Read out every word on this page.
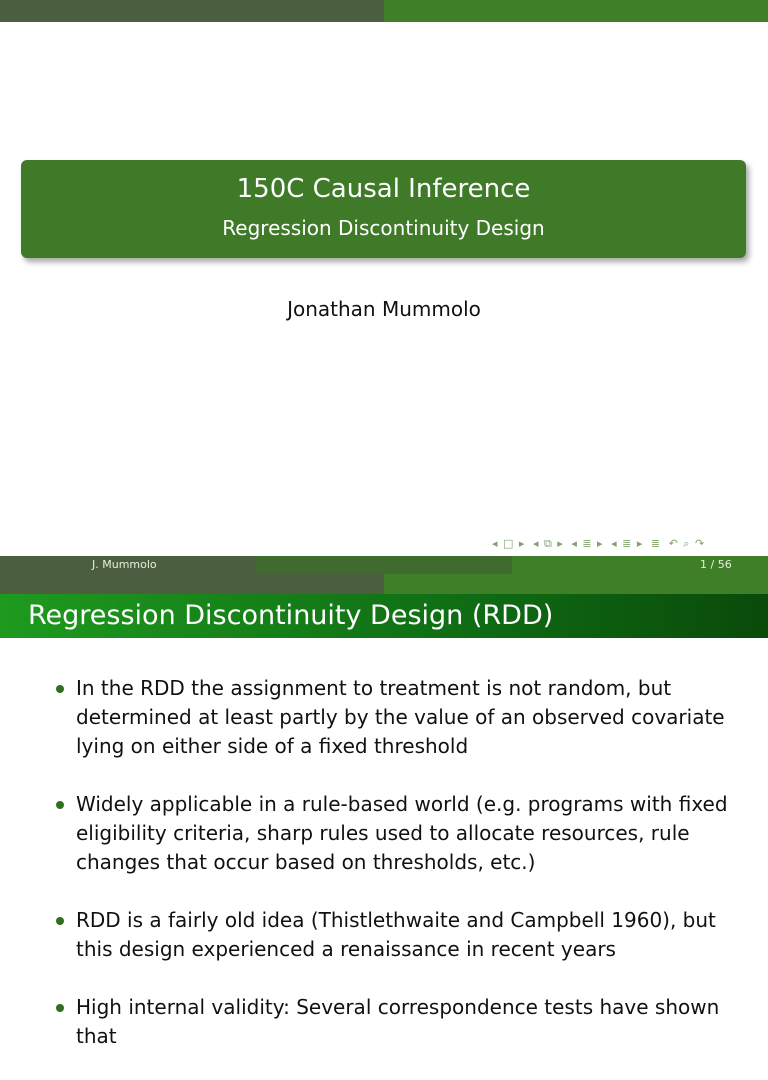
150C Causal Inference
Regression Discontinuity Design
Jonathan Mummolo
◂ □ ▸ ◂ ⧉ ▸ ◂ ≣ ▸ ◂ ≣ ▸ ≣ ↶ ⌕ ↷
J. Mummolo	1 / 56
Regression Discontinuity Design (RDD)
In the RDD the assignment to treatment is not random, but determined at least partly by the value of an observed covariate lying on either side of a fixed threshold
Widely applicable in a rule-based world (e.g. programs with fixed eligibility criteria, sharp rules used to allocate resources, rule changes that occur based on thresholds, etc.)
RDD is a fairly old idea (Thistlethwaite and Campbell 1960), but this design experienced a renaissance in recent years
High internal validity: Several correspondence tests have shown that
